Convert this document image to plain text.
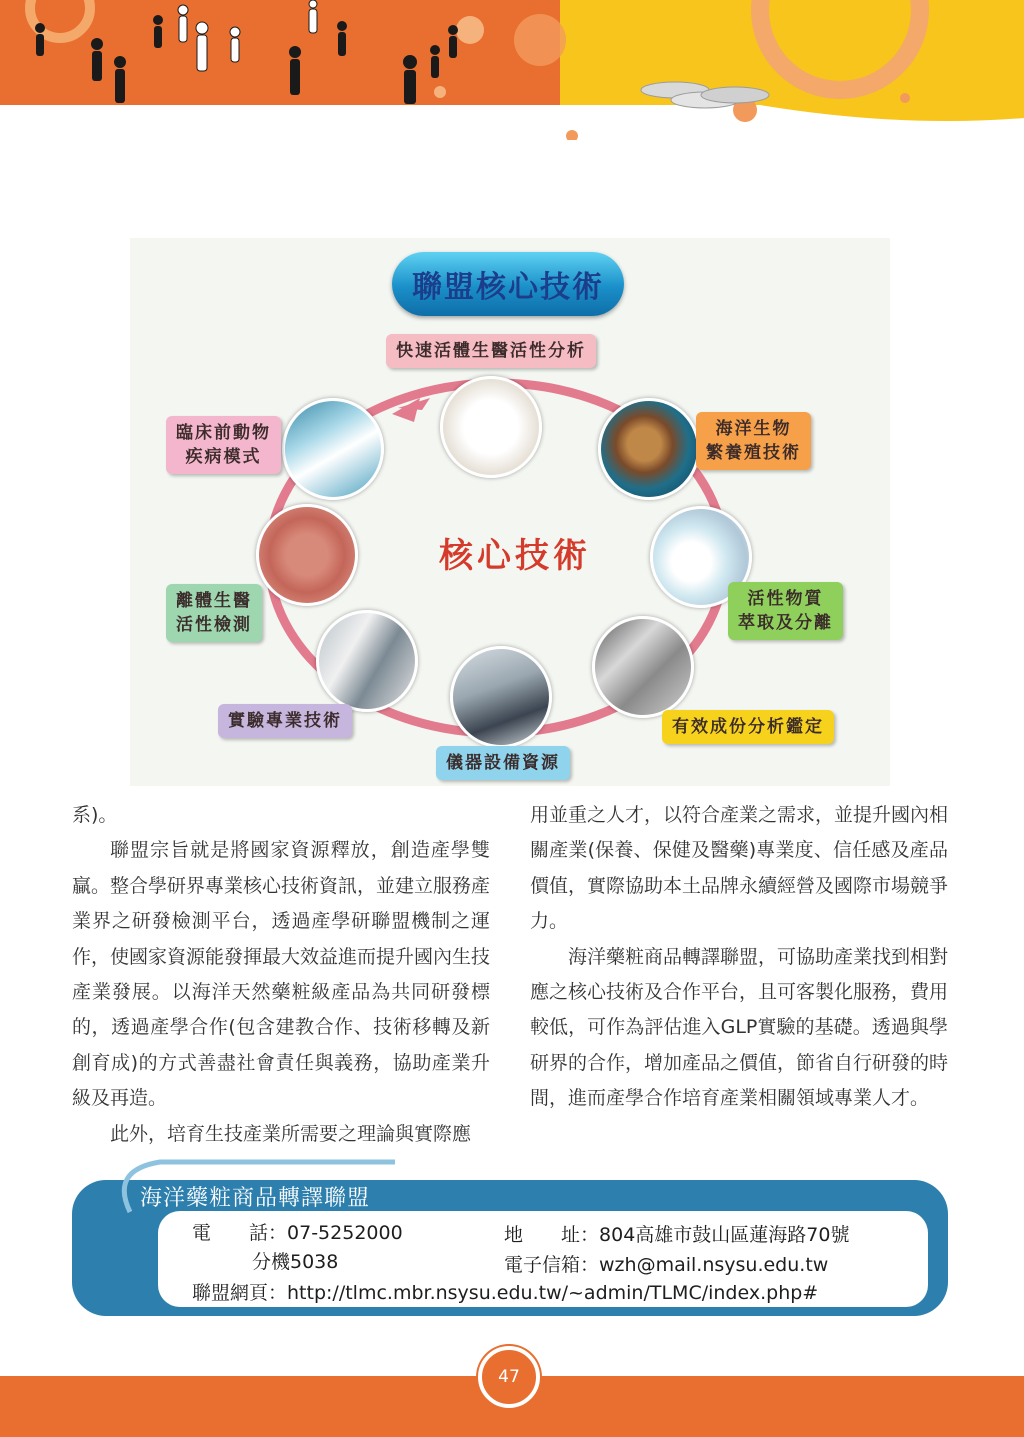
聯盟核心技術
核心技術
快速活體生醫活性分析
海洋生物
繁養殖技術
活性物質
萃取及分離
有效成份分析鑑定
儀器設備資源
實驗專業技術
離體生醫
活性檢測
臨床前動物
疾病模式

系)。

聯盟宗旨就是將國家資源釋放，創造產學雙贏。整合學研界專業核心技術資訊，並建立服務產業界之研發檢測平台，透過產學研聯盟機制之運作，使國家資源能發揮最大效益進而提升國內生技產業發展。以海洋天然藥粧級產品為共同研發標的，透過產學合作(包含建教合作、技術移轉及新創育成)的方式善盡社會責任與義務，協助產業升級及再造。

此外，培育生技產業所需要之理論與實際應

用並重之人才，以符合產業之需求，並提升國內相關產業(保養、保健及醫藥)專業度、信任感及產品價值，實際協助本土品牌永續經營及國際市場競爭力。

海洋藥粧商品轉譯聯盟，可協助產業找到相對應之核心技術及合作平台，且可客製化服務，費用較低，可作為評估進入GLP實驗的基礎。透過與學研界的合作，增加產品之價值，節省自行研發的時間，進而產學合作培育產業相關領域專業人才。

海洋藥粧商品轉譯聯盟
電　　話：07-5252000
分機5038
地　　址：804高雄市鼓山區蓮海路70號
電子信箱：wzh@mail.nsysu.edu.tw
聯盟網頁：http://tlmc.mbr.nsysu.edu.tw/~admin/TLMC/index.php#
47
